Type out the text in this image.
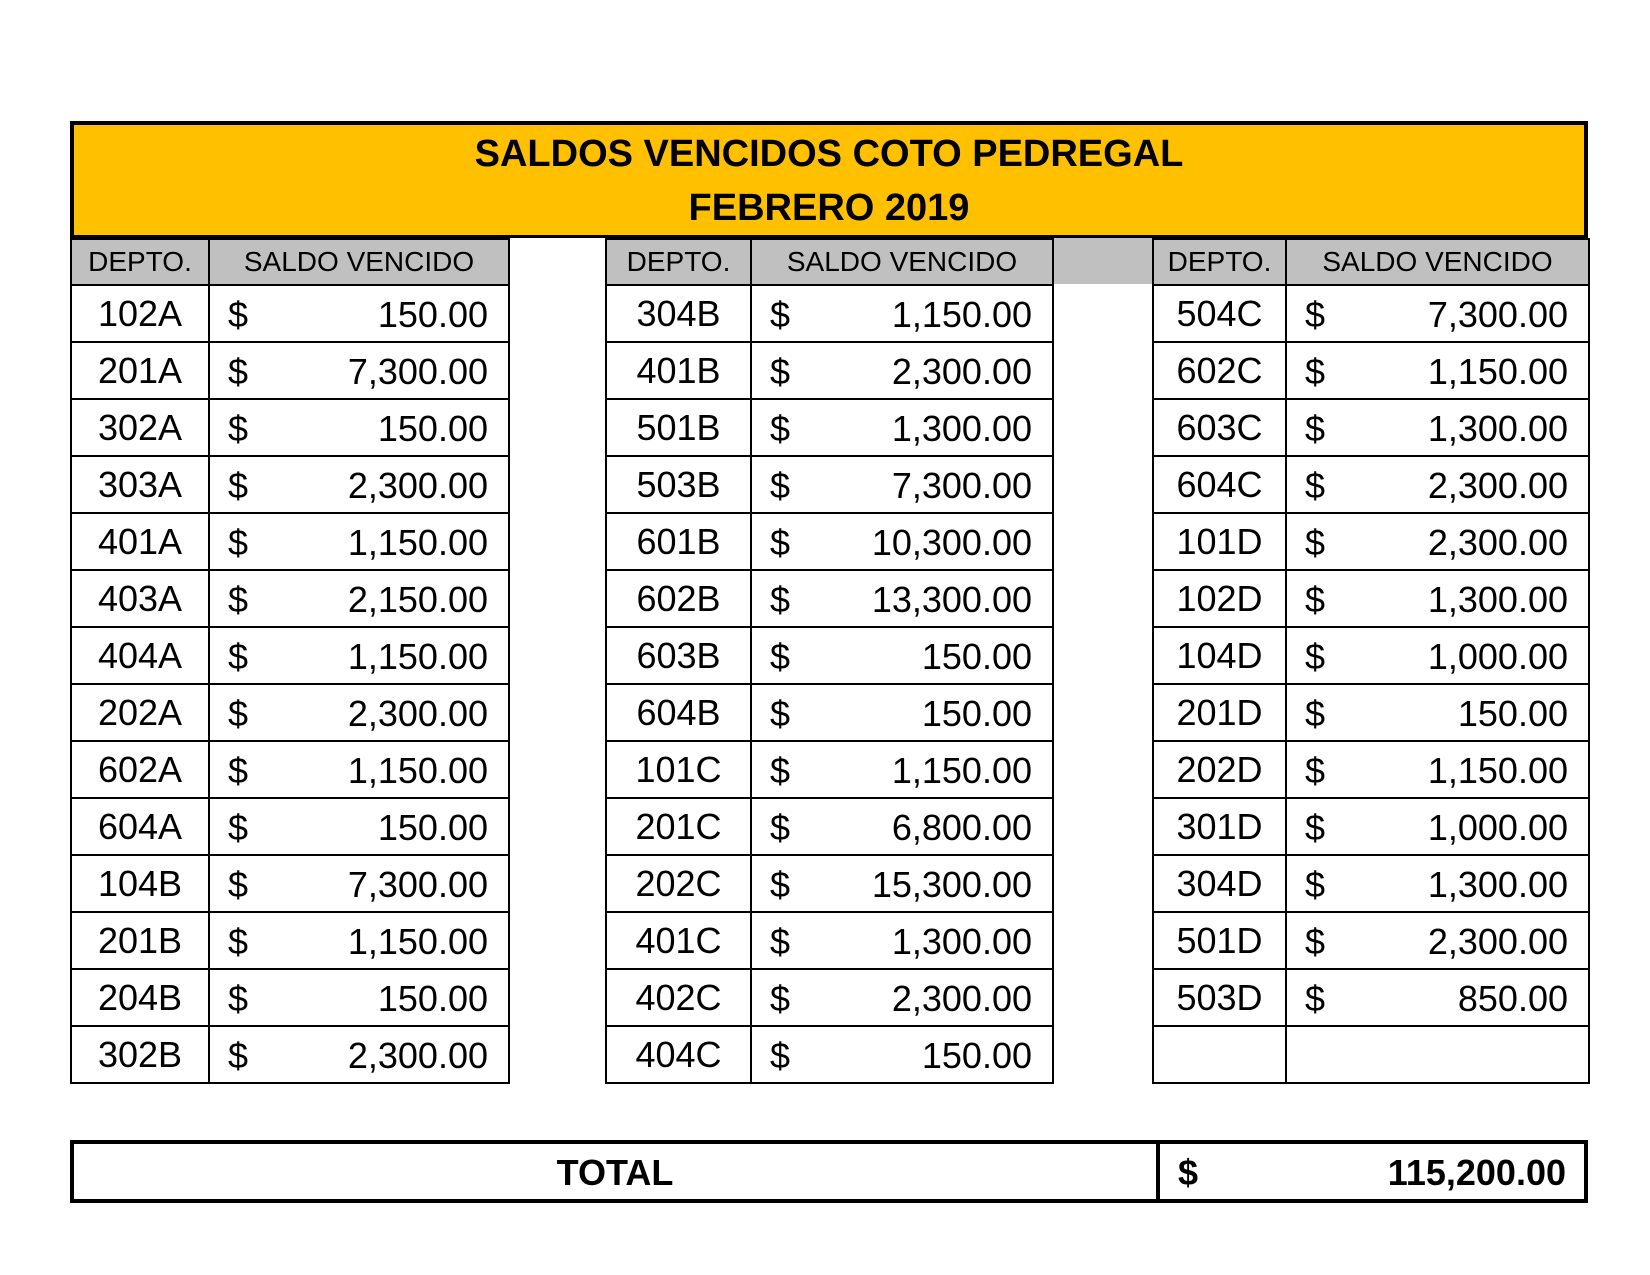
SALDOS VENCIDOS COTO PEDREGAL
FEBRERO 2019
DEPTO.	SALDO VENCIDO
102A	$ 150.00

201A	$ 7,300.00

302A	$ 150.00

303A	$ 2,300.00

401A	$ 1,150.00

403A	$ 2,150.00

404A	$ 1,150.00

202A	$ 2,300.00

602A	$ 1,150.00

604A	$ 150.00

104B	$ 7,300.00

201B	$ 1,150.00

204B	$ 150.00

302B	$ 2,300.00
DEPTO.	SALDO VENCIDO
304B	$ 1,150.00

401B	$ 2,300.00

501B	$ 1,300.00

503B	$ 7,300.00

601B	$ 10,300.00

602B	$ 13,300.00

603B	$ 150.00

604B	$ 150.00

101C	$ 1,150.00

201C	$ 6,800.00

202C	$ 15,300.00

401C	$ 1,300.00

402C	$ 2,300.00

404C	$ 150.00
DEPTO.	SALDO VENCIDO
504C	$ 7,300.00

602C	$ 1,150.00

603C	$ 1,300.00

604C	$ 2,300.00

101D	$ 2,300.00

102D	$ 1,300.00

104D	$ 1,000.00

201D	$ 150.00

202D	$ 1,150.00

301D	$ 1,000.00

304D	$ 1,300.00

501D	$ 2,300.00

503D	$ 850.00

TOTAL	$	115,200.00
